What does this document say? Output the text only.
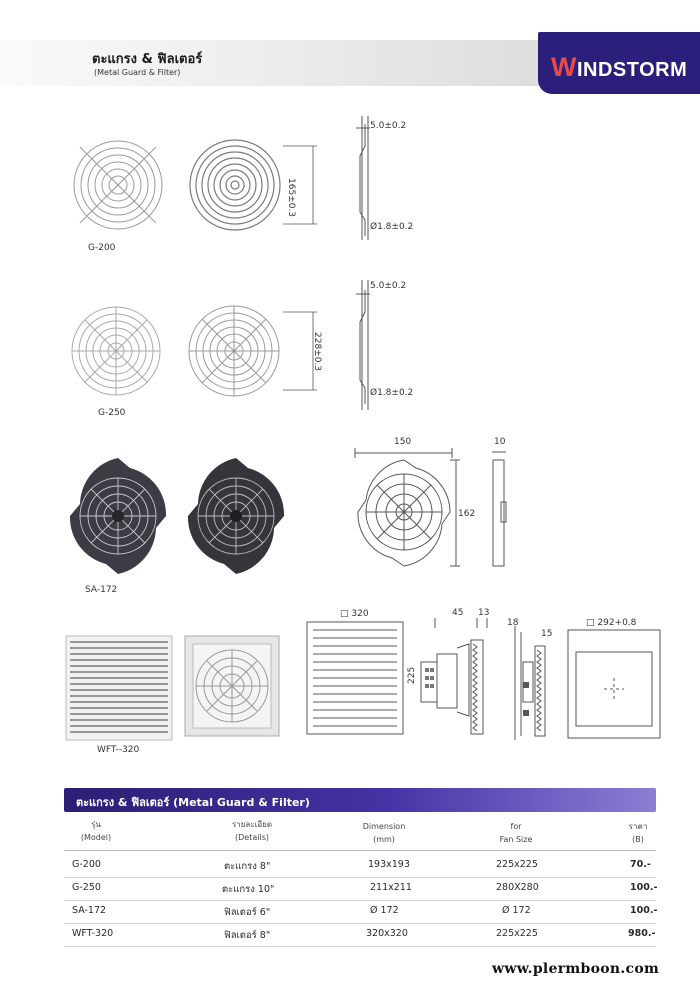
ตะแกรง & ฟิลเตอร์
(Metal Guard & Filter)	WINDSTORM
165±0.3
5.0±0.2
Ø1.8±0.2
G-200
228±0.3
5.0±0.2
Ø1.8±0.2
G-250
150
162
10
SA-172
□ 320	45 13
225
18
15
□ 292+0.8
WFT--320
ตะแกรง & ฟิลเตอร์ (Metal Guard & Filter)
รุ่น
(Model)
รายละเอียด
(Details)
Dimension
(mm)
for
Fan Size
ราคา
(B)
G-200	ตะแกรง 8"	193x193	225x225	70.-
G-250	ตะแกรง 10"	211x211	280X280	100.-
SA-172	ฟิลเตอร์ 6"	Ø 172	Ø 172	100.-
WFT-320	ฟิลเตอร์ 8"	320x320	225x225	980.-
www.plermboon.com
